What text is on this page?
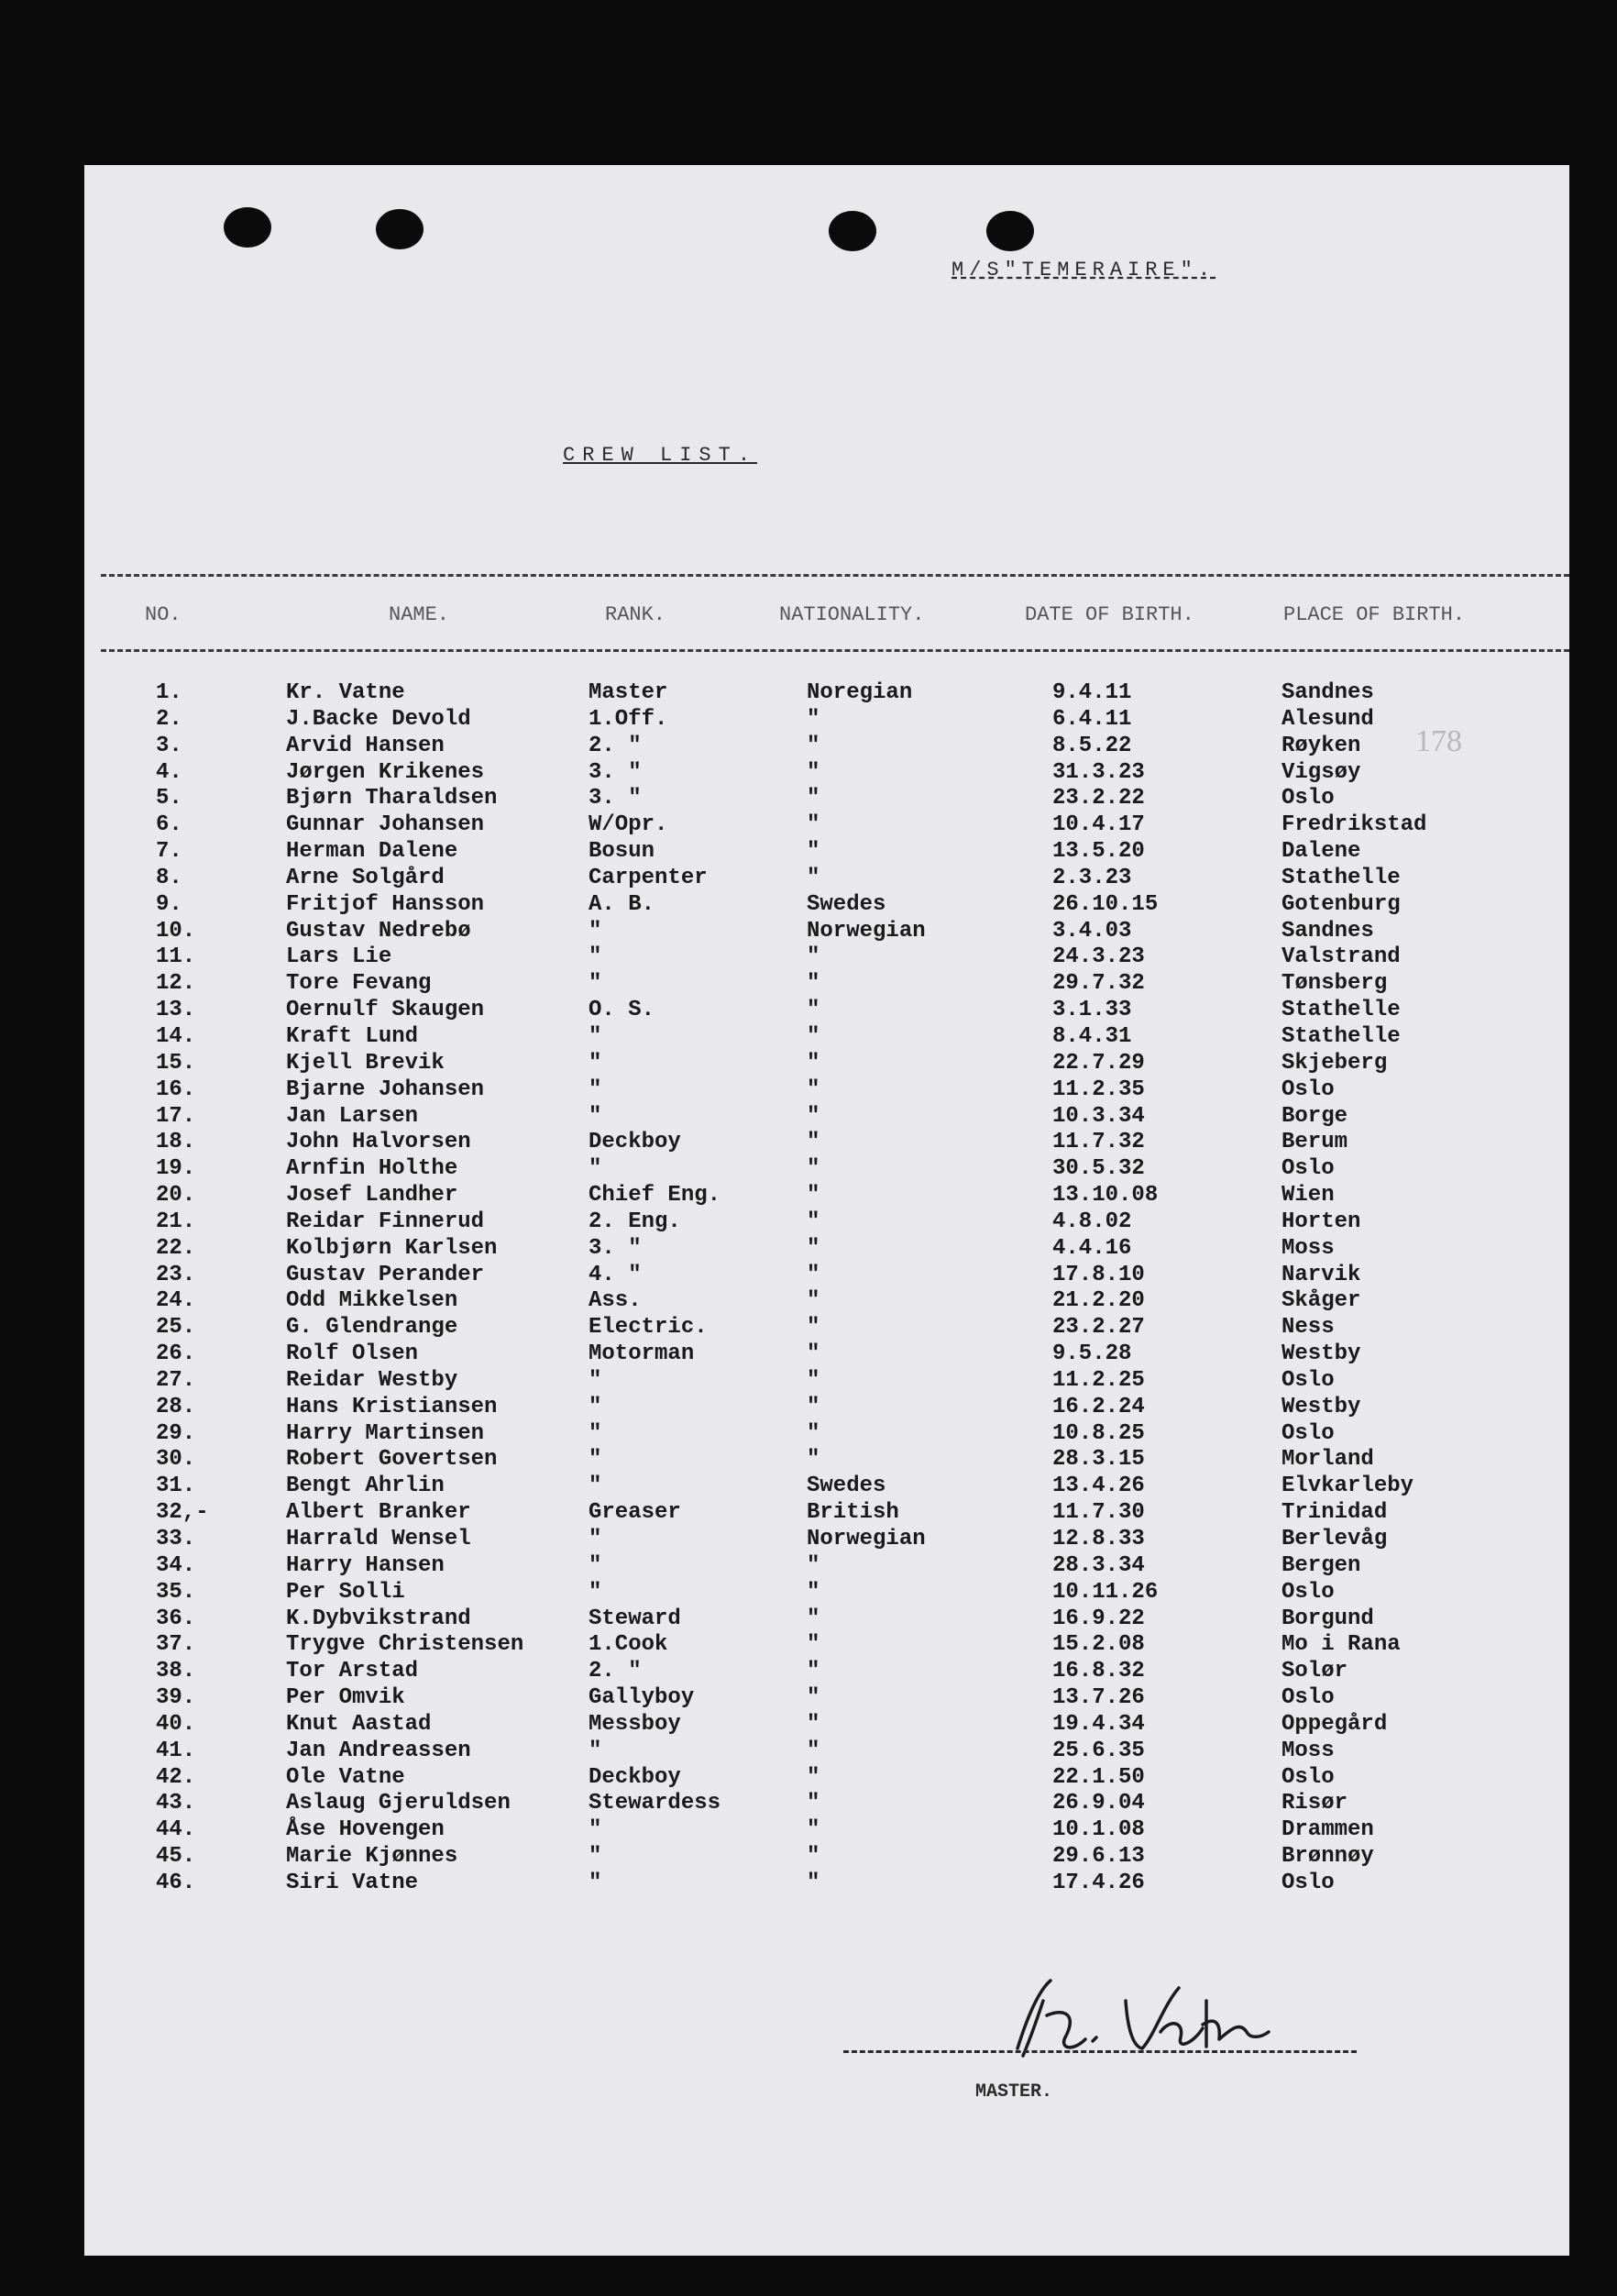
M/S"TEMERAIRE".
CREW LIST.
178
NO.	NAME.	RANK.	NATIONALITY.	DATE OF BIRTH.	PLACE OF BIRTH.
1.	Kr. Vatne	Master	Noregian	9.4.11	Sandnes
2.	J.Backe Devold	1.Off.	"	6.4.11	Alesund
3.	Arvid Hansen	2. "	"	8.5.22	Røyken
4.	Jørgen Krikenes	3. "	"	31.3.23	Vigsøy
5.	Bjørn Tharaldsen	3. "	"	23.2.22	Oslo
6.	Gunnar Johansen	W/Opr.	"	10.4.17	Fredrikstad
7.	Herman Dalene	Bosun	"	13.5.20	Dalene
8.	Arne Solgård	Carpenter	"	2.3.23	Stathelle
9.	Fritjof Hansson	A. B.	Swedes	26.10.15	Gotenburg
10.	Gustav Nedrebø	"	Norwegian	3.4.03	Sandnes
11.	Lars Lie	"	"	24.3.23	Valstrand
12.	Tore Fevang	"	"	29.7.32	Tønsberg
13.	Oernulf Skaugen	O. S.	"	3.1.33	Stathelle
14.	Kraft Lund	"	"	8.4.31	Stathelle
15.	Kjell Brevik	"	"	22.7.29	Skjeberg
16.	Bjarne Johansen	"	"	11.2.35	Oslo
17.	Jan Larsen	"	"	10.3.34	Borge
18.	John Halvorsen	Deckboy	"	11.7.32	Berum
19.	Arnfin Holthe	"	"	30.5.32	Oslo
20.	Josef Landher	Chief Eng.	"	13.10.08	Wien
21.	Reidar Finnerud	2. Eng.	"	4.8.02	Horten
22.	Kolbjørn Karlsen	3. "	"	4.4.16	Moss
23.	Gustav Perander	4. "	"	17.8.10	Narvik
24.	Odd Mikkelsen	Ass.	"	21.2.20	Skåger
25.	G. Glendrange	Electric.	"	23.2.27	Ness
26.	Rolf Olsen	Motorman	"	9.5.28	Westby
27.	Reidar Westby	"	"	11.2.25	Oslo
28.	Hans Kristiansen	"	"	16.2.24	Westby
29.	Harry Martinsen	"	"	10.8.25	Oslo
30.	Robert Govertsen	"	"	28.3.15	Morland
31.	Bengt Ahrlin	"	Swedes	13.4.26	Elvkarleby
32,-	Albert Branker	Greaser	British	11.7.30	Trinidad
33.	Harrald Wensel	"	Norwegian	12.8.33	Berlevåg
34.	Harry Hansen	"	"	28.3.34	Bergen
35.	Per Solli	"	"	10.11.26	Oslo
36.	K.Dybvikstrand	Steward	"	16.9.22	Borgund
37.	Trygve Christensen	1.Cook	"	15.2.08	Mo i Rana
38.	Tor Arstad	2. "	"	16.8.32	Solør
39.	Per Omvik	Gallyboy	"	13.7.26	Oslo
40.	Knut Aastad	Messboy	"	19.4.34	Oppegård
41.	Jan Andreassen	"	"	25.6.35	Moss
42.	Ole Vatne	Deckboy	"	22.1.50	Oslo
43.	Aslaug Gjeruldsen	Stewardess	"	26.9.04	Risør
44.	Åse Hovengen	"	"	10.1.08	Drammen
45.	Marie Kjønnes	"	"	29.6.13	Brønnøy
46.	Siri Vatne	"	"	17.4.26	Oslo
MASTER.
